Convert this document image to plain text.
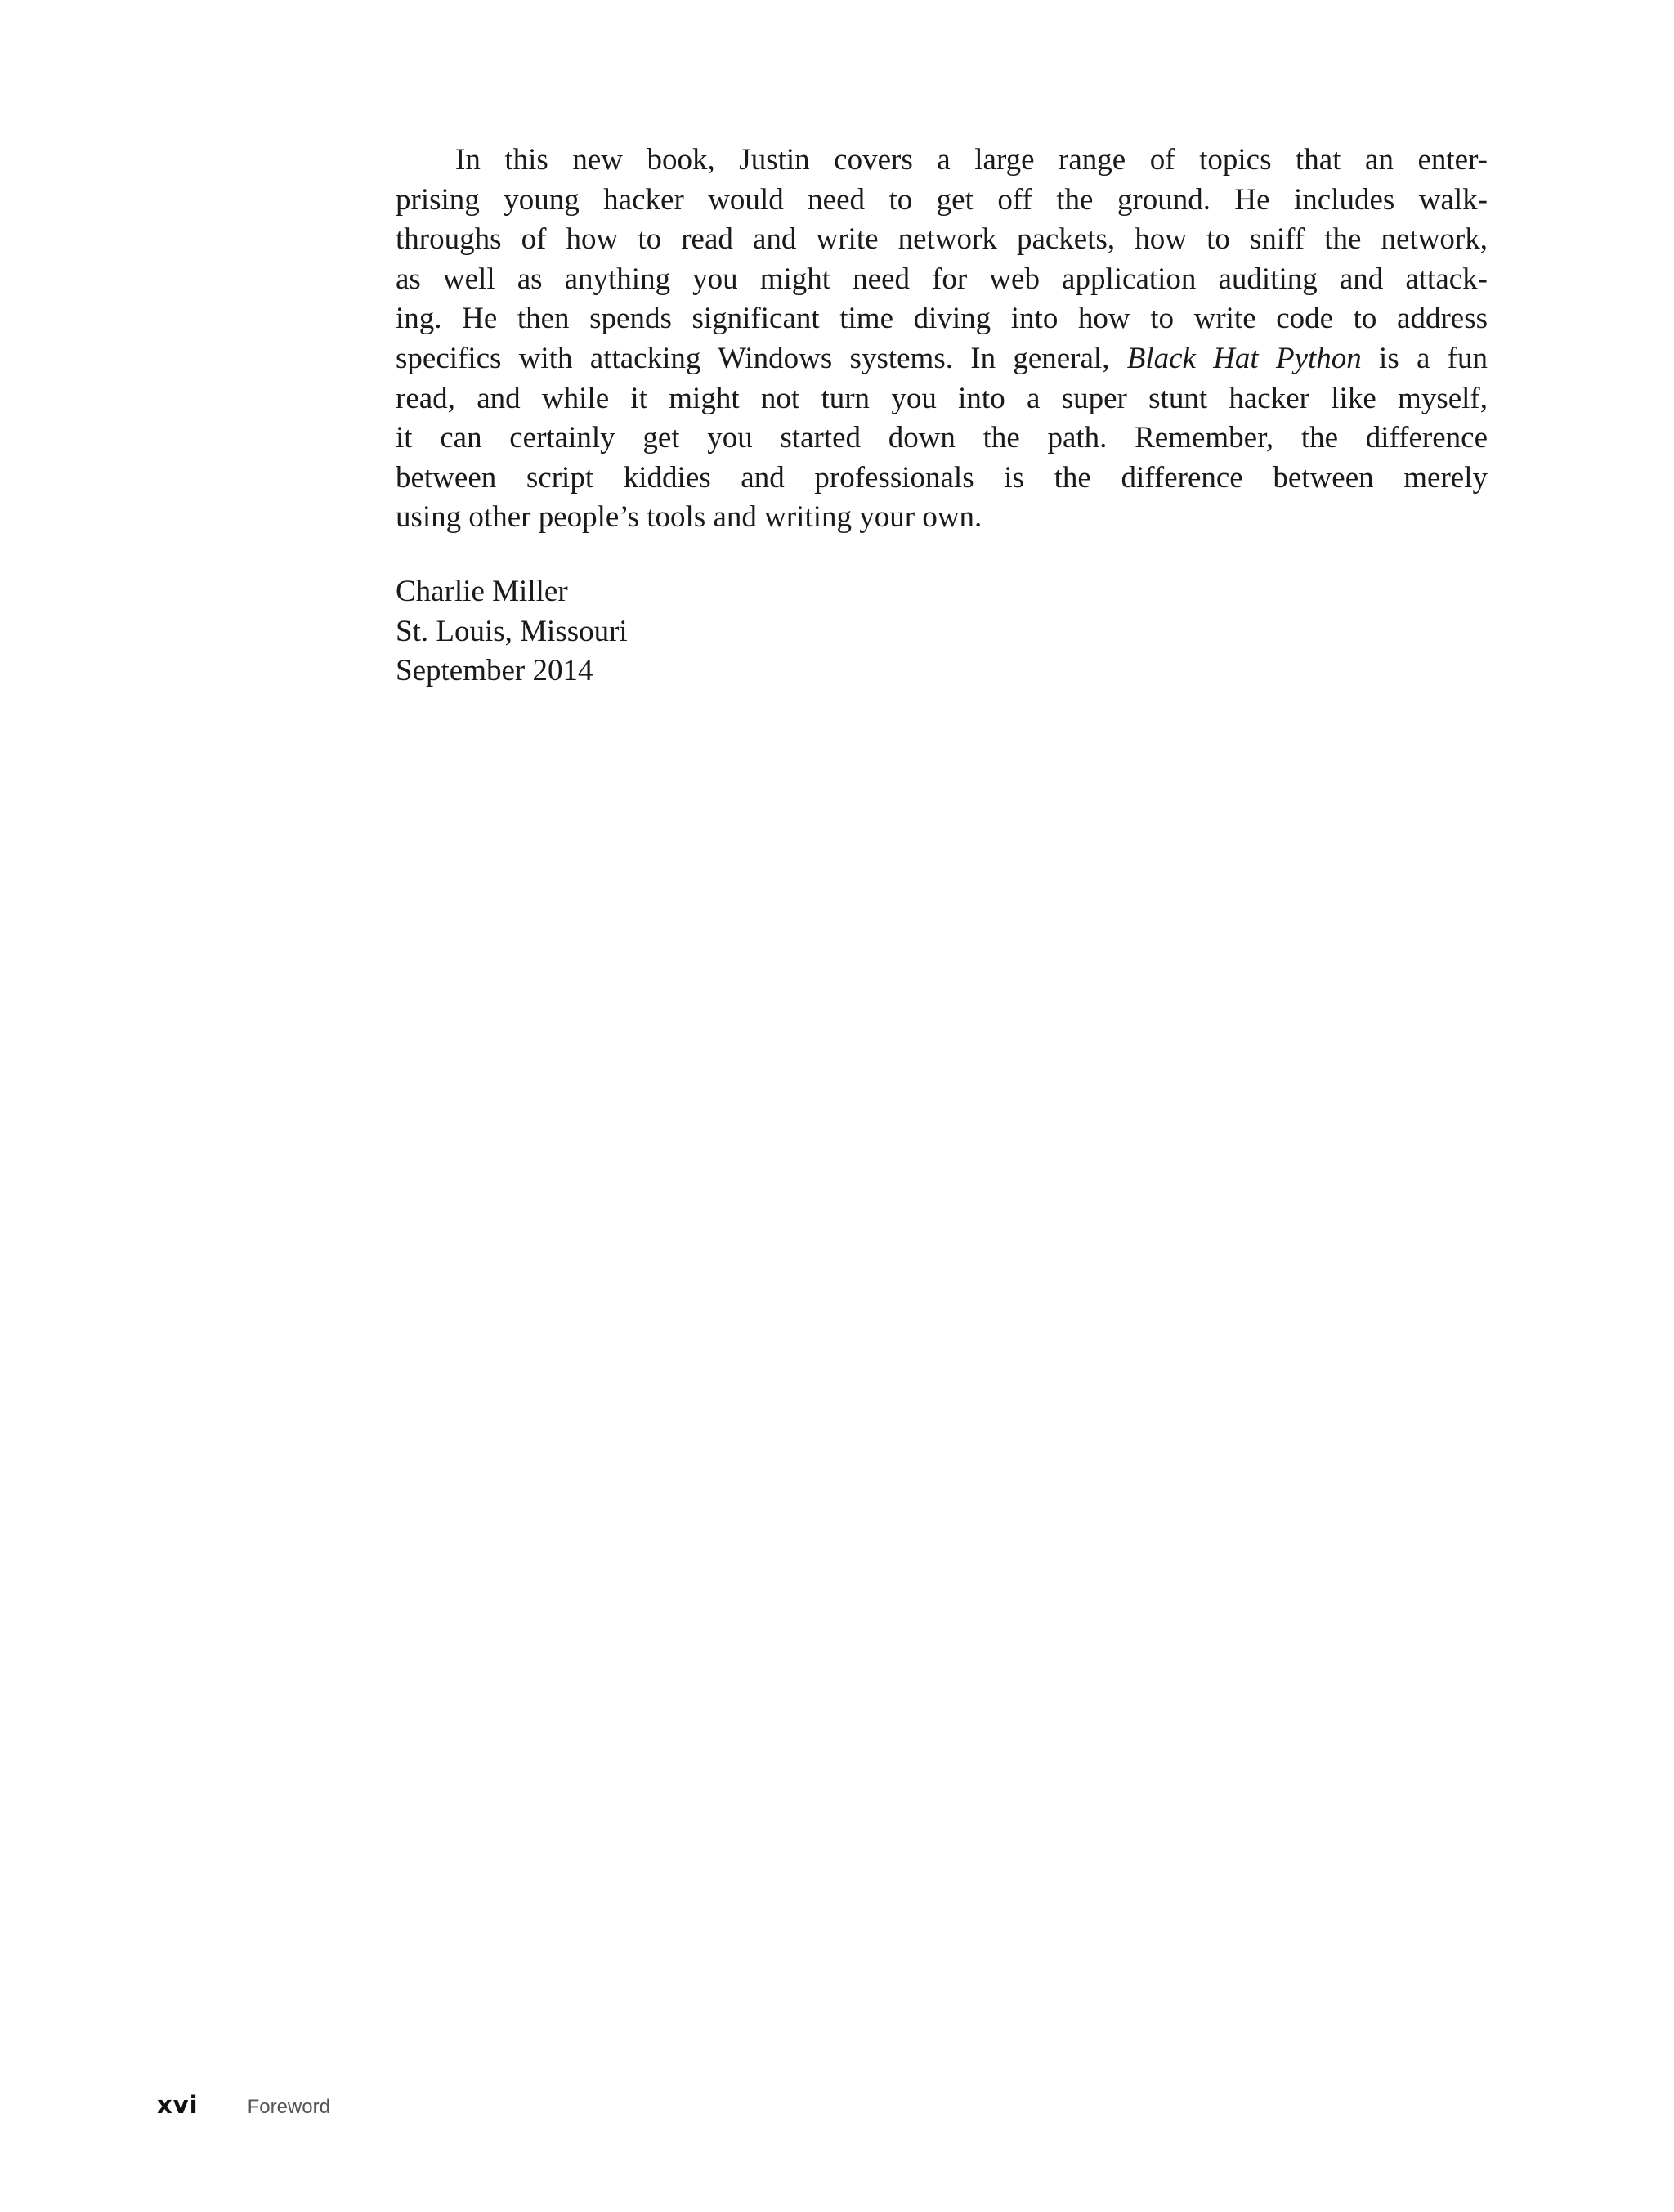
In this new book, Justin covers a large range of topics that an enter-
prising young hacker would need to get off the ground. He includes walk-
throughs of how to read and write network packets, how to sniff the network,
as well as anything you might need for web application auditing and attack-
ing. He then spends significant time diving into how to write code to address
specifics with attacking Windows systems. In general, Black Hat Python is a fun
read, and while it might not turn you into a super stunt hacker like myself,
it can certainly get you started down the path. Remember, the difference
between script kiddies and professionals is the difference between merely
using other people’s tools and writing your own.
Charlie Miller
St. Louis, Missouri
September 2014
xvi	Foreword
